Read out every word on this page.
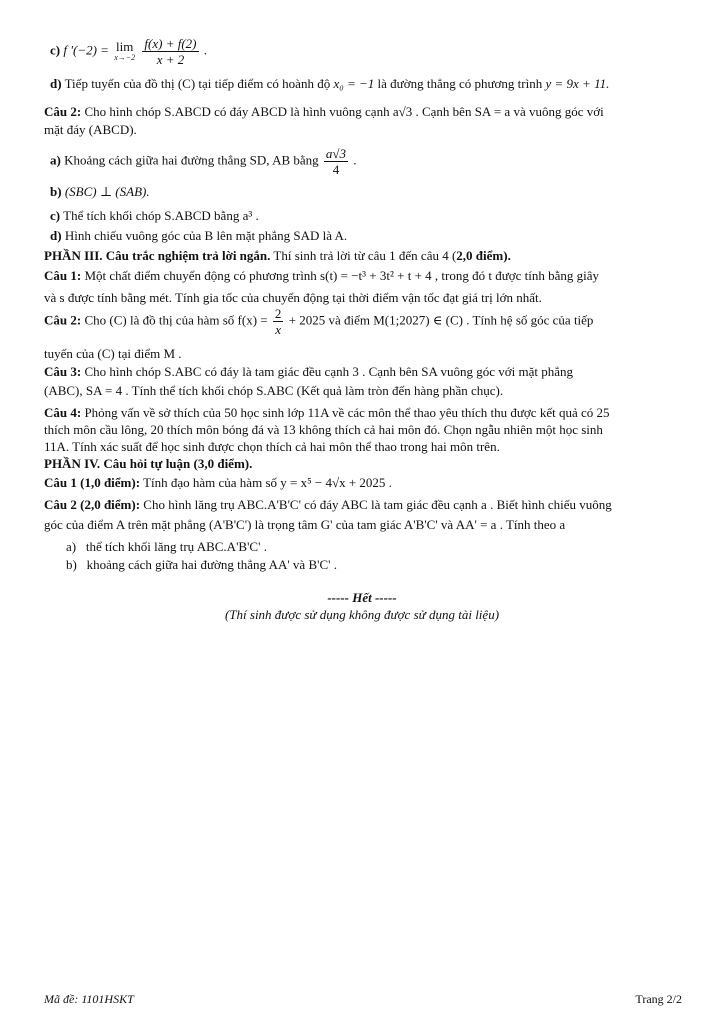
c) f '(−2) = lim
x→−2
$\frac{f(x) + f(2)}{x + 2}$ .
d) Tiếp tuyến của đồ thị (C) tại tiếp điểm có hoành độ x₀ = −1 là đường thẳng có phương trình y = 9x + 11.
Câu 2: Cho hình chóp S.ABCD có đáy ABCD là hình vuông cạnh a√3 . Cạnh bên SA = a và vuông góc với
mặt đáy (ABCD).
a) Khoảng cách giữa hai đường thẳng SD, AB bằng $\frac{a√3}{4}$ .
b) (SBC) ⊥ (SAB).
c) Thể tích khối chóp S.ABCD bằng a³ .
d) Hình chiếu vuông góc của B lên mặt phẳng SAD là A.
PHẦN III. Câu trắc nghiệm trả lời ngắn. Thí sinh trả lời từ câu 1 đến câu 4 (2,0 điểm).
Câu 1: Một chất điểm chuyển động có phương trình s(t) = −t³ + 3t² + t + 4 , trong đó t được tính bằng giây
và s được tính bằng mét. Tính gia tốc của chuyển động tại thời điểm vận tốc đạt giá trị lớn nhất.
Câu 2: Cho (C) là đồ thị của hàm số $f(x) = \frac{2}{x} + 2025$ và điểm M(1;2027) ∈ (C) . Tính hệ số góc của tiếp
tuyến của (C) tại điểm M .
Câu 3: Cho hình chóp S.ABC có đáy là tam giác đều cạnh 3 . Cạnh bên SA vuông góc với mặt phẳng
(ABC), SA = 4 . Tính thể tích khối chóp S.ABC (Kết quả làm tròn đến hàng phần chục).
Câu 4: Phỏng vấn về sở thích của 50 học sinh lớp 11A về các môn thể thao yêu thích thu được kết quả có 25
thích môn cầu lông, 20 thích môn bóng đá và 13 không thích cả hai môn đó. Chọn ngẫu nhiên một học sinh
11A. Tính xác suất để học sinh được chọn thích cả hai môn thể thao trong hai môn trên.
PHẦN IV. Câu hỏi tự luận (3,0 điểm).
Câu 1 (1,0 điểm): Tính đạo hàm của hàm số y = x⁵ − 4√x + 2025 .
Câu 2 (2,0 điểm): Cho hình lăng trụ ABC.A'B'C' có đáy ABC là tam giác đều cạnh a . Biết hình chiếu vuông
góc của điểm A trên mặt phẳng (A'B'C') là trọng tâm G' của tam giác A'B'C' và AA' = a . Tính theo a
a) thể tích khối lăng trụ ABC.A'B'C' .
b) khoảng cách giữa hai đường thẳng AA' và B'C' .
----- Hết -----
(Thí sinh được sử dụng không được sử dụng tài liệu)
Mã đề: 1101HSKT	Trang 2/2
